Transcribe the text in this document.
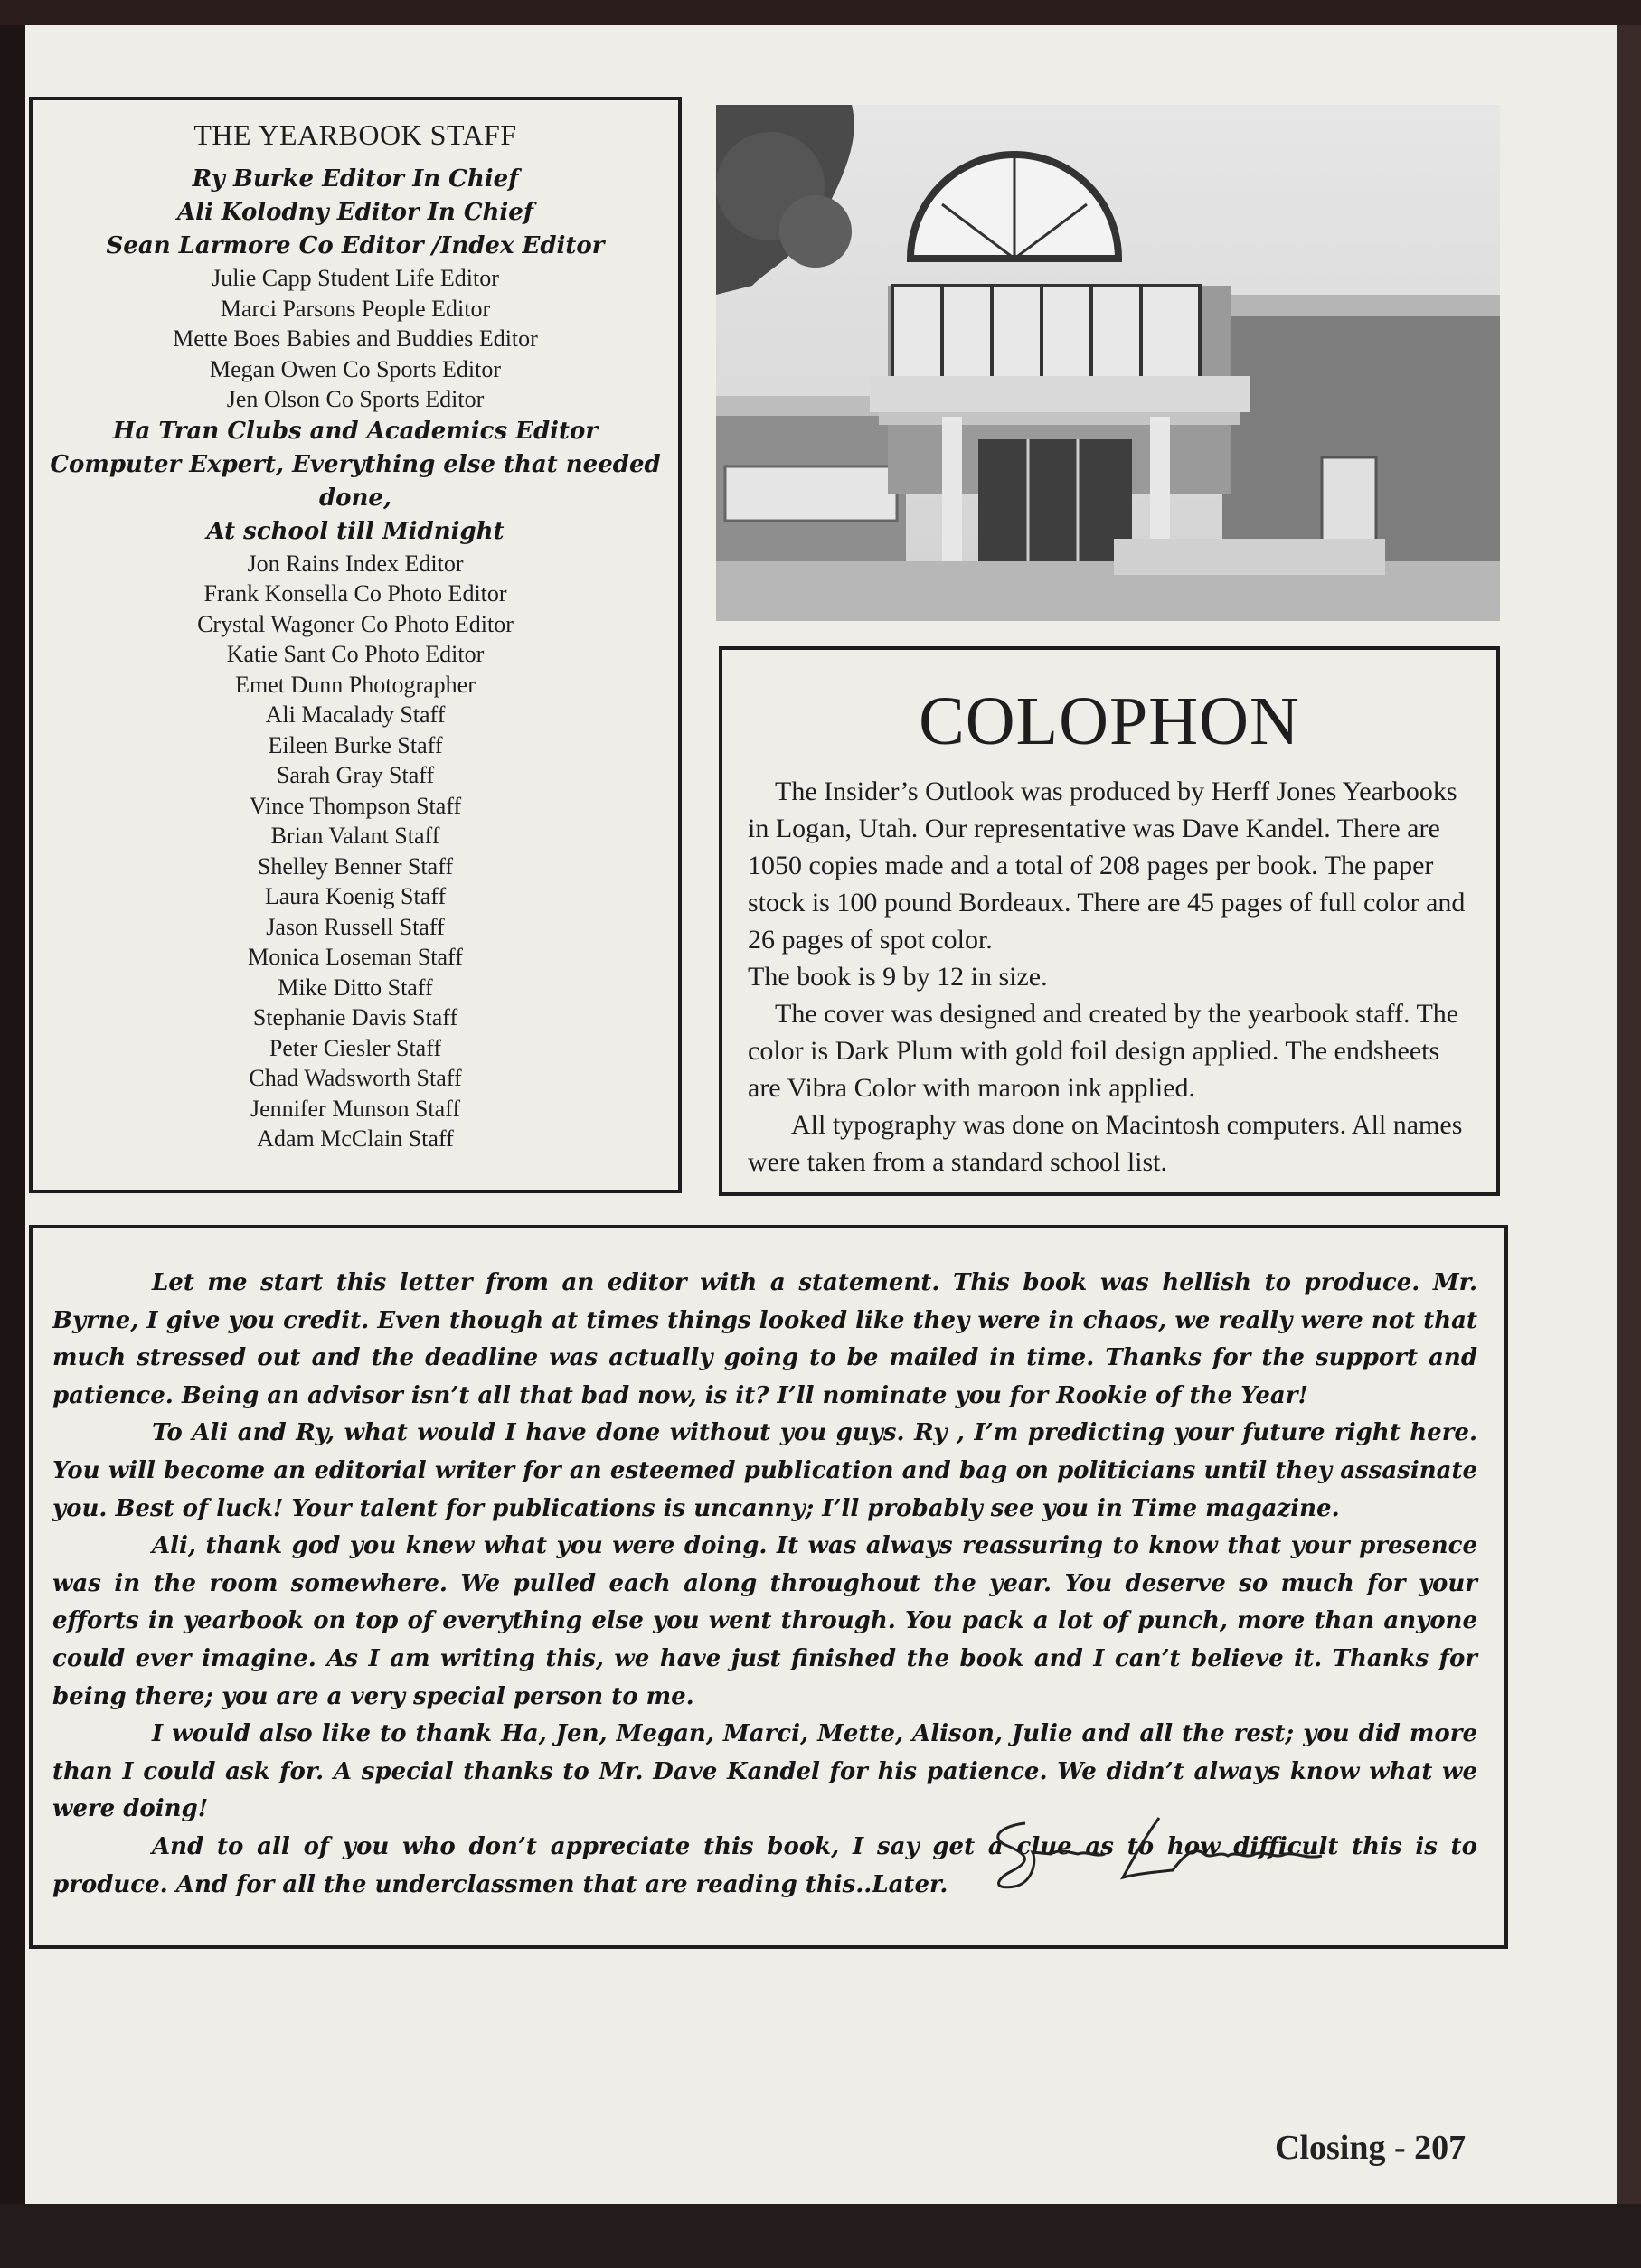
THE YEARBOOK STAFF
Ry Burke Editor In Chief
Ali Kolodny Editor In Chief
Sean Larmore Co Editor /Index Editor
Julie Capp Student Life Editor
Marci Parsons People Editor
Mette Boes Babies and Buddies Editor
Megan Owen Co Sports Editor
Jen Olson Co Sports Editor
Ha Tran Clubs and Academics Editor
Computer Expert, Everything else that needed done,
At school till Midnight
Jon Rains Index Editor
Frank Konsella Co Photo Editor
Crystal Wagoner Co Photo Editor
Katie Sant Co Photo Editor
Emet Dunn Photographer
Ali Macalady Staff
Eileen Burke Staff
Sarah Gray Staff
Vince Thompson Staff
Brian Valant Staff
Shelley Benner Staff
Laura Koenig Staff
Jason Russell Staff
Monica Loseman Staff
Mike Ditto Staff
Stephanie Davis Staff
Peter Ciesler Staff
Chad Wadsworth Staff
Jennifer Munson Staff
Adam McClain Staff
COLOPHON

The Insider’s Outlook was produced by Herff Jones Yearbooks in Logan, Utah. Our representative was Dave Kandel. There are 1050 copies made and a total of 208 pages per book. The paper stock is 100 pound Bordeaux. There are 45 pages of full color and 26 pages of spot color.

The book is 9 by 12 in size.

The cover was designed and created by the yearbook staff. The color is Dark Plum with gold foil design applied. The endsheets are Vibra Color with maroon ink applied.

All typography was done on Macintosh computers. All names were taken from a standard school list.

Let me start this letter from an editor with a statement. This book was hellish to produce. Mr. Byrne, I give you credit. Even though at times things looked like they were in chaos, we really were not that much stressed out and the deadline was actually going to be mailed in time. Thanks for the support and patience. Being an advisor isn’t all that bad now, is it? I’ll nominate you for Rookie of the Year!

To Ali and Ry, what would I have done without you guys. Ry , I’m predicting your future right here. You will become an editorial writer for an esteemed publication and bag on politicians until they assasinate you. Best of luck! Your talent for publications is uncanny; I’ll probably see you in Time magazine.

Ali, thank god you knew what you were doing. It was always reassuring to know that your presence was in the room somewhere. We pulled each along throughout the year. You deserve so much for your efforts in yearbook on top of everything else you went through. You pack a lot of punch, more than anyone could ever imagine. As I am writing this, we have just finished the book and I can’t believe it. Thanks for being there; you are a very special person to me.

I would also like to thank Ha, Jen, Megan, Marci, Mette, Alison, Julie and all the rest; you did more than I could ask for. A special thanks to Mr. Dave Kandel for his patience. We didn’t always know what we were doing!

And to all of you who don’t appreciate this book, I say get a clue as to how difficult this is to produce. And for all the underclassmen that are reading this..Later.

Closing - 207
